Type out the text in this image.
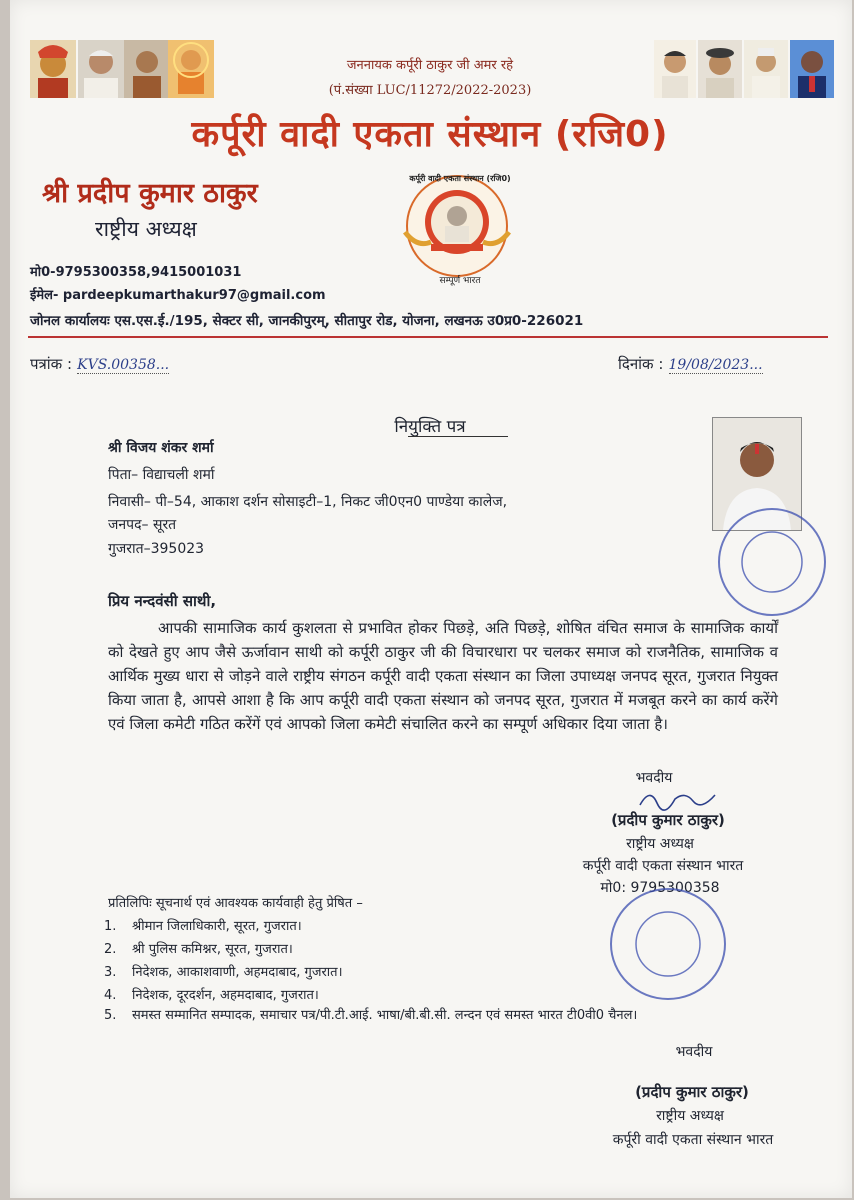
जननायक कर्पूरी ठाकुर जी अमर रहे
(पं.संख्या LUC/11272/2022-2023)
कर्पूरी वादी एकता संस्थान (रजि0)
श्री प्रदीप कुमार ठाकुर
राष्ट्रीय अध्यक्ष
कर्पूरी वादी एकता संस्थान (रजि0)
सम्पूर्ण भारत
मो0-9795300358,9415001031
ईमेल- pardeepkumarthakur97@gmail.com
जोनल कार्यालयः एस.एस.ई./195, सेक्टर सी, जानकीपुरम्, सीतापुर रोड, योजना, लखनऊ उ0प्र0-226021
पत्रांक : KVS.00358...	दिनांक : 19/08/2023...
नियुक्ति पत्र
श्री विजय शंकर शर्मा
पिता– विद्याचली शर्मा
निवासी– पी–54, आकाश दर्शन सोसाइटी–1, निकट जी0एन0 पाण्डेया कालेज,
जनपद– सूरत
गुजरात–395023
प्रिय नन्दवंसी साथी,
आपकी सामाजिक कार्य कुशलता से प्रभावित होकर पिछड़े, अति पिछड़े, शोषित वंचित समाज के सामाजिक कार्यों को देखते हुए आप जैसे ऊर्जावान साथी को कर्पूरी ठाकुर जी की विचारधारा पर चलकर समाज को राजनैतिक, सामाजिक व आर्थिक मुख्य धारा से जोड़ने वाले राष्ट्रीय संगठन कर्पूरी वादी एकता संस्थान का जिला उपाध्यक्ष जनपद सूरत, गुजरात नियुक्त किया जाता है, आपसे आशा है कि आप कर्पूरी वादी एकता संस्थान को जनपद सूरत, गुजरात में मजबूत करने का कार्य करेंगे एवं जिला कमेटी गठित करेंगें एवं आपको जिला कमेटी संचालित करने का सम्पूर्ण अधिकार दिया जाता है।
भवदीय
(प्रदीप कुमार ठाकुर)
राष्ट्रीय अध्यक्ष
कर्पूरी वादी एकता संस्थान भारत
मो0: 9795300358
प्रतिलिपिः सूचनार्थ एवं आवश्यक कार्यवाही हेतु प्रेषित –
1. श्रीमान जिलाधिकारी, सूरत, गुजरात।
2. श्री पुलिस कमिश्नर, सूरत, गुजरात।
3. निदेशक, आकाशवाणी, अहमदाबाद, गुजरात।
4. निदेशक, दूरदर्शन, अहमदाबाद, गुजरात।
5. समस्त सम्मानित सम्पादक, समाचार पत्र/पी.टी.आई. भाषा/बी.बी.सी. लन्दन एवं समस्त भारत टी0वी0 चैनल।
भवदीय
(प्रदीप कुमार ठाकुर)
राष्ट्रीय अध्यक्ष
कर्पूरी वादी एकता संस्थान भारत
